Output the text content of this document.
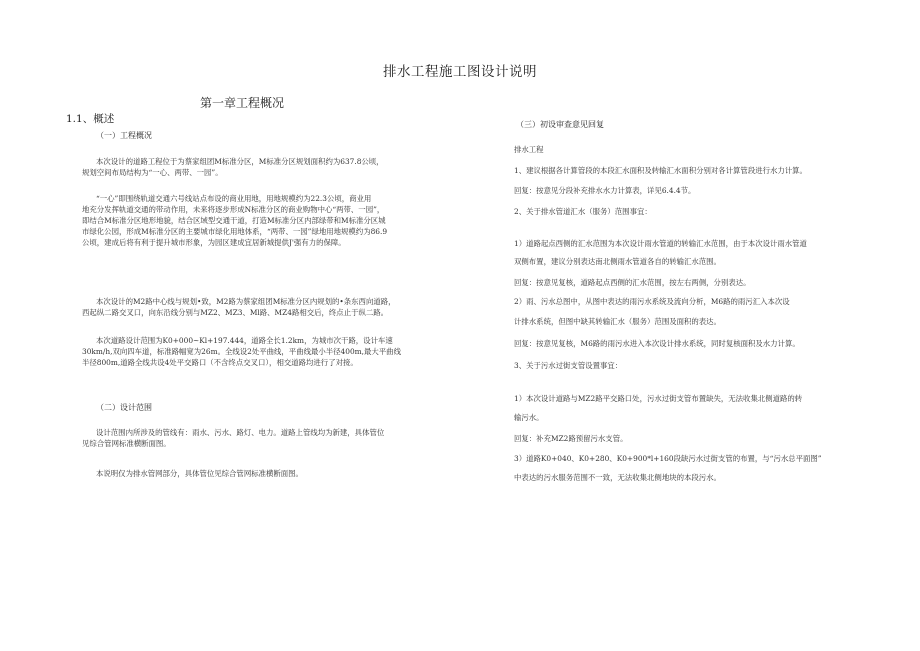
排水工程施工图设计说明
第一章工程概况
1.1、概述
（一）工程概况
本次设计的道路工程位于为蔡家组团M标准分区，M标准分区规划面积约为637.8公顷，
规划空间布局结构为“一心、两带、一园”。
“一心”即围绕轨道交通六号线站点布设的商业用地，用地规模约为22.3公顷，商业用
地充分发挥轨道交通的带动作用，未来将逐步形成N标准分区的商业购物中心“两带、一园”，
即结合M标准分区地形地貌，结合区域型交通干道，打造M标准分区内部绿带和M标准分区城
市绿化公园，形成M标准分区的主要城市绿化用地体系，“两带、一园”绿地用地规模约为86.9
公顷，建成后将有利于提升城市形象，为园区建成宜居新城提供J'强有力的保障。
本次设计的M2路中心线与规划•致，M2路为蔡家组团M标准分区内规划的•条东西向道路，
西起纵二路交叉口，向东沿线分别与MZ2、MZ3、Ml路、MZ4路相交后，终点止于纵二路。
本次道路设计范围为K0+000~Kl+197.444，道路全长1.2km，为城市次干路，设计车速
30km/h,双向四车道，标准路幅宽为26m。全线设2处平曲线，平曲线最小半径400m,最大平曲线
半径800m,道路全线共设4处平交路口（不含终点交叉口），相交道路均进行了对接。
（二）设计范围
设计范围内所涉及的管线有：雨水、污水、路灯、电力。道路上管线均为新建，具体管位
见综合管网标准横断面图。
本说明仅为排水管网部分，具体管位见综合管网标准横断面图。
（三）初设审查意见回复
排水工程
1、建议根据各计算管段的本段汇水面积及转输汇水面积分别对各计算管段进行水力计算。
回复：按意见分段补充排水水力计算表，详见6.4.4节。
2、关于排水管道汇水（服务）范围事宜：
1）道路起点西侧的汇水范围为本次设计雨水管道的转输汇水范围，由于本次设计雨水管道
双侧布置，建议分别表达南北侧雨水管道各自的转输汇水范围。
回复：按意见复核，道路起点西侧的汇水范围，按左右两侧，分别表达。
2）雨、污水总图中，从图中表达的雨污水系统及流向分析，M6路的雨污汇入本次设
计排水系统，但图中缺其转输汇水（服务）范围及面积的表达。
回复：按意见复核，M6路的雨污水进入本次设计排水系统，同时复核面积及水力计算。
3、关于污水过街支管设置事宜：
1）本次设计道路与MZ2路平交路口处，污水过街支管布置缺失，无法收集北侧道路的转
输污水。
回复：补充MZ2路预留污水支管。
3）道路K0+040、K0+280、K0+900*l+160段缺污水过街支管的布置，与“污水总平面图”
中表达的污水服务范围不一致，无法收集北侧地块的本段污水。
